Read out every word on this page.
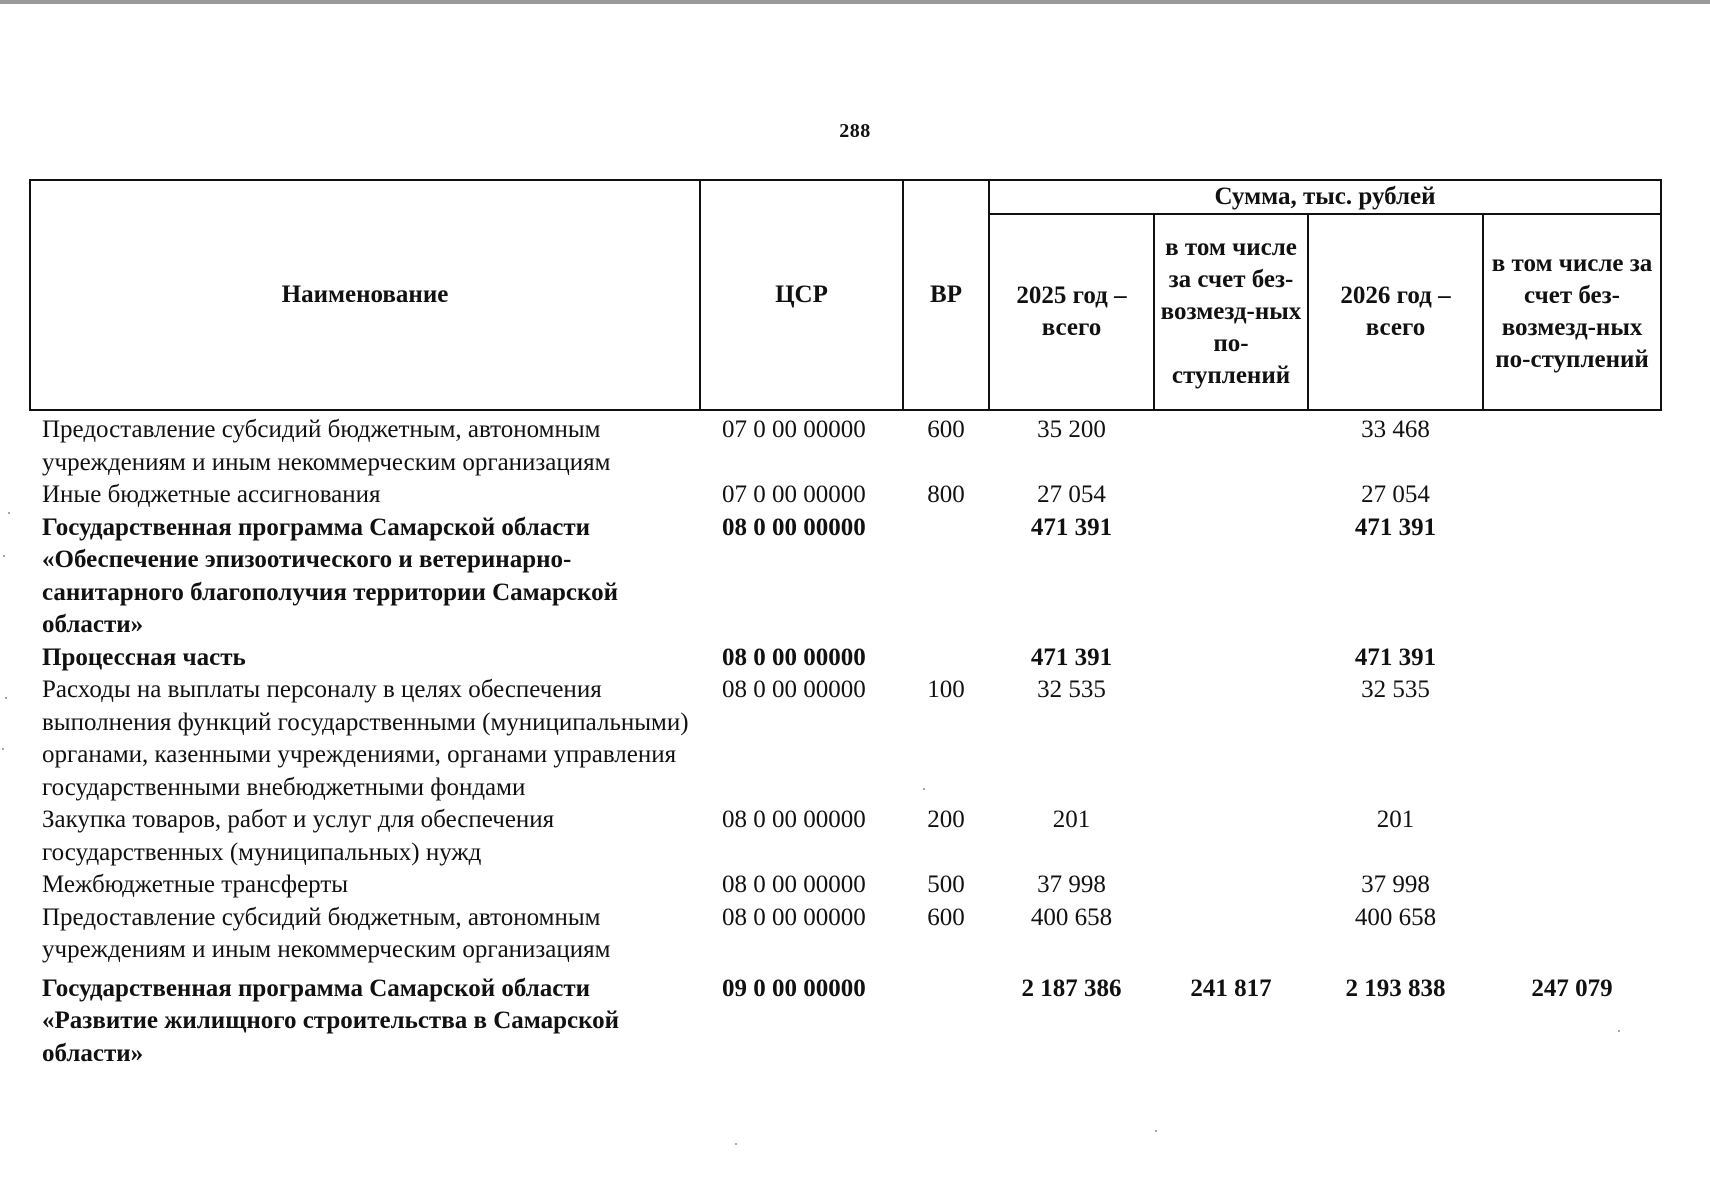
288
Наименование	ЦСР	ВР	Сумма, тыс. рублей			
			2025 год – всего	в том числе за счет без-возмезд-ных по-ступлений	2026 год – всего	в том числе за счет без-возмезд-ных по-ступлений

Предоставление субсидий бюджетным, автономным учреждениям и иным некоммерческим организациям	07 0 00 00000	600	35 200		33 468	
Иные бюджетные ассигнования	07 0 00 00000	800	27 054		27 054	
Государственная программа Самарской области «Обеспечение эпизоотического и ветеринарно-санитарного благополучия территории Самарской области»	08 0 00 00000		471 391		471 391	
Процессная часть	08 0 00 00000		471 391		471 391	
Расходы на выплаты персоналу в целях обеспечения выполнения функций государственными (муниципальными) органами, казенными учреждениями, органами управления государственными внебюджетными фондами	08 0 00 00000	100	32 535		32 535	
Закупка товаров, работ и услуг для обеспечения государственных (муниципальных) нужд	08 0 00 00000	200	201		201	
Межбюджетные трансферты	08 0 00 00000	500	37 998		37 998	
Предоставление субсидий бюджетным, автономным учреждениям и иным некоммерческим организациям	08 0 00 00000	600	400 658		400 658	
Государственная программа Самарской области «Развитие жилищного строительства в Самарской области»	09 0 00 00000		2 187 386	241 817	2 193 838	247 079
